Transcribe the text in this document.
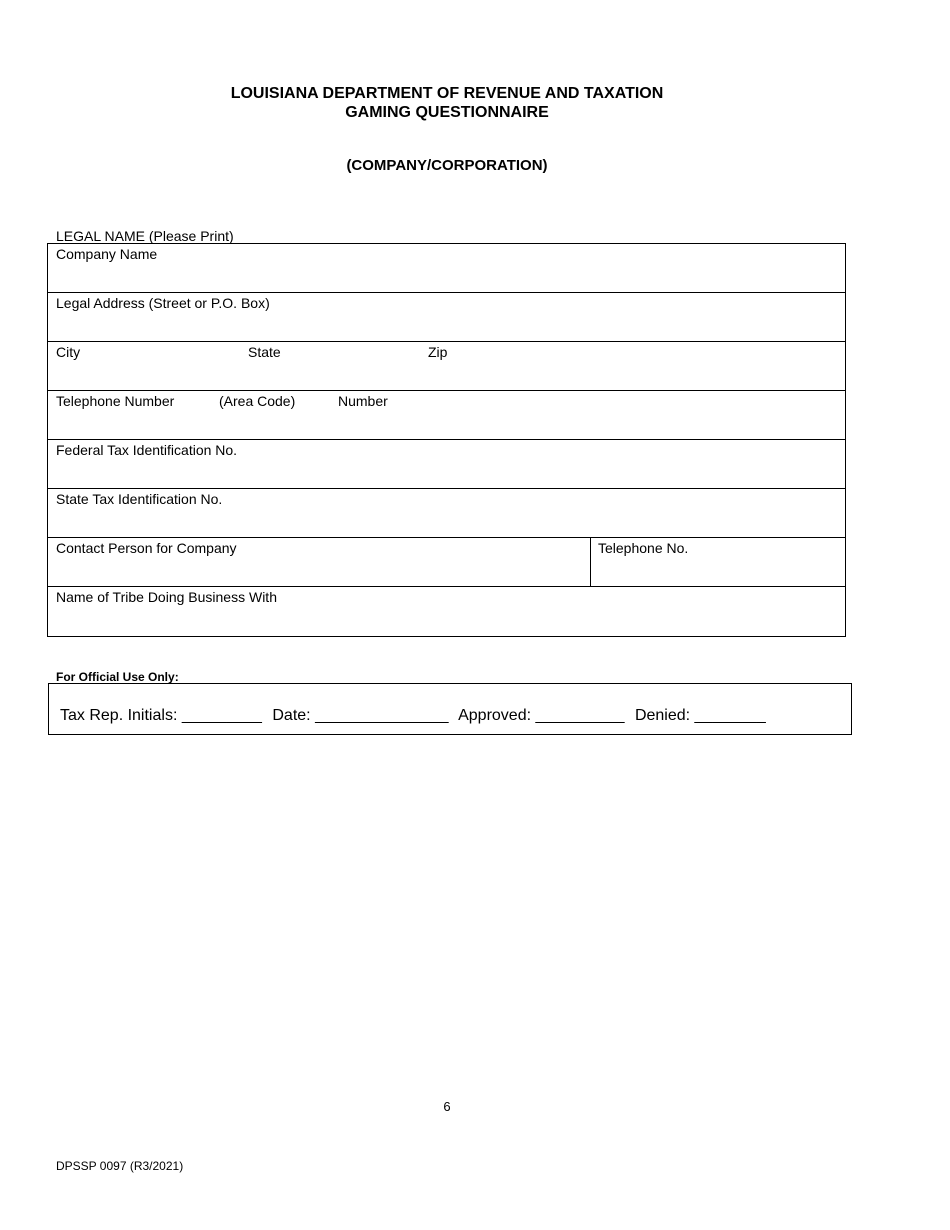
LOUISIANA DEPARTMENT OF REVENUE AND TAXATION
GAMING QUESTIONNAIRE
(COMPANY/CORPORATION)
LEGAL NAME (Please Print)
Company Name
Legal Address (Street or P.O. Box)
City	State	Zip
Telephone Number	(Area Code)	Number
Federal Tax Identification No.
State Tax Identification No.
Contact Person for Company	Telephone No.
Name of Tribe Doing Business With
For Official Use Only:
Tax Rep. Initials: _________ Date: _______________ Approved: __________ Denied: ________
6
DPSSP 0097 (R3/2021)
